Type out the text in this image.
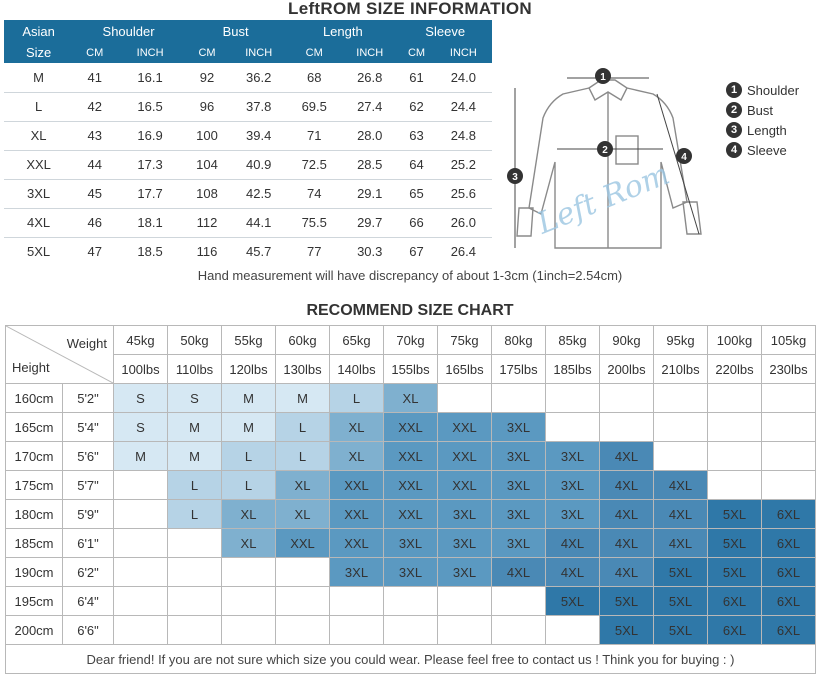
LeftROM SIZE INFORMATION
Asian	Shoulder		Bust		Length		Sleeve	
Size	CM	INCH	CM	INCH	CM	INCH	CM	INCH
M	41	16.1	92	36.2	68	26.8	61	24.0
L	42	16.5	96	37.8	69.5	27.4	62	24.4
XL	43	16.9	100	39.4	71	28.0	63	24.8
XXL	44	17.3	104	40.9	72.5	28.5	64	25.2
3XL	45	17.7	108	42.5	74	29.1	65	25.6
4XL	46	18.1	112	44.1	75.5	29.7	66	26.0
5XL	47	18.5	116	45.7	77	30.3	67	26.4
1
2
3
4
Left Rom
1 Shoulder
2 Bust
3 Length
4 Sleeve
Hand measurement will have discrepancy of about 1-3cm (1inch=2.54cm)
RECOMMEND SIZE CHART
Weight
Height		45kg	50kg	55kg	60kg	65kg	70kg	75kg	80kg	85kg	90kg	95kg	100kg	105kg
		100lbs	110lbs	120lbs	130lbs	140lbs	155lbs	165lbs	175lbs	185lbs	200lbs	210lbs	220lbs	230lbs
160cm	5'2"	S	S	M	M	L	XL							
165cm	5'4"	S	M	M	L	XL	XXL	XXL	3XL					
170cm	5'6"	M	M	L	L	XL	XXL	XXL	3XL	3XL	4XL			
175cm	5'7"		L	L	XL	XXL	XXL	XXL	3XL	3XL	4XL	4XL		
180cm	5'9"		L	XL	XL	XXL	XXL	3XL	3XL	3XL	4XL	4XL	5XL	6XL
185cm	6'1"			XL	XXL	XXL	3XL	3XL	3XL	4XL	4XL	4XL	5XL	6XL
190cm	6'2"					3XL	3XL	3XL	4XL	4XL	4XL	5XL	5XL	6XL
195cm	6'4"									5XL	5XL	5XL	6XL	6XL
200cm	6'6"										5XL	5XL	6XL	6XL
Dear friend! If you are not sure which size you could wear. Please feel free to contact us ! Think you for buying : )														
